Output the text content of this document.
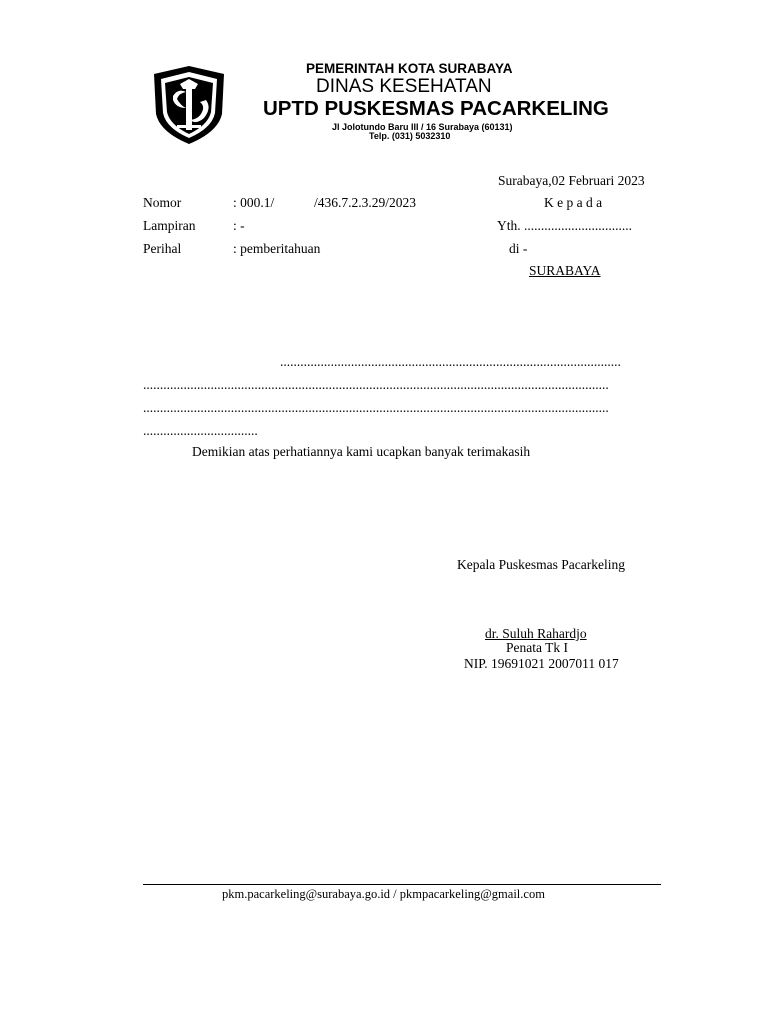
PEMERINTAH KOTA SURABAYA
DINAS KESEHATAN
UPTD PUSKESMAS PACARKELING
Jl Jolotundo Baru III / 16 Surabaya (60131)
Telp. (031) 5032310
Surabaya,02 Februari 2023
Nomor	: 000.1/	/436.7.2.3.29/2023
Lampiran	: -
Perihal	: pemberitahuan
K e p a d a
Yth. ................................
di -
SURABAYA
.....................................................................................................
..........................................................................................................................................
..........................................................................................................................................
..................................
Demikian atas perhatiannya kami ucapkan banyak terimakasih
Kepala Puskesmas Pacarkeling
dr. Suluh Rahardjo
Penata Tk I
NIP. 19691021 2007011 017
pkm.pacarkeling@surabaya.go.id / pkmpacarkeling@gmail.com
